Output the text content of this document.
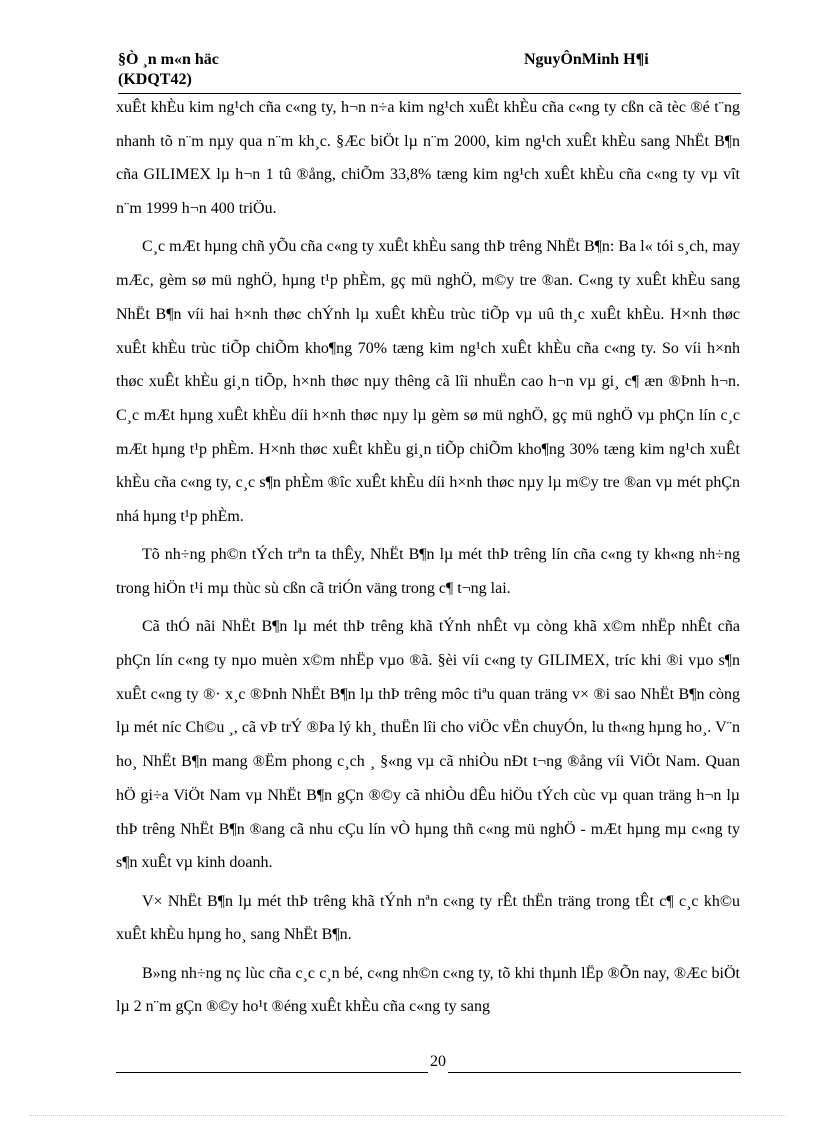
§Ò ¸n m«n häc
(KDQT42)
NguyÔnMinh H¶i

xuÊt khÈu kim ng¹ch cña c«ng ty, h¬n n÷a kim ng¹ch xuÊt khÈu cña c«ng ty cßn cã tèc ®é t¨ng nhanh tõ n¨m nµy qua n¨m kh¸c. §Æc biÖt lµ n¨m 2000, kim ng¹ch xuÊt khÈu sang NhËt B¶n cña GILIMEX lµ h¬n 1 tû ®ång, chiÕm 33,8% tæng kim ng¹ch xuÊt khÈu cña c«ng ty vµ vît n¨m 1999 h¬n 400 triÖu.

C¸c mÆt hµng chñ yÕu cña c«ng ty xuÊt khÈu sang thÞ trêng NhËt B¶n: Ba l« tói s¸ch, may mÆc, gèm sø mü nghÖ, hµng t¹p phÈm, gç mü nghÖ, m©y tre ®an. C«ng ty xuÊt khÈu sang NhËt B¶n víi hai h×nh thøc chÝnh lµ xuÊt khÈu trùc tiÕp vµ uû th¸c xuÊt khÈu. H×nh thøc xuÊt khÈu trùc tiÕp chiÕm kho¶ng 70% tæng kim ng¹ch xuÊt khÈu cña c«ng ty. So víi h×nh thøc xuÊt khÈu gi¸n tiÕp, h×nh thøc nµy thêng cã lîi nhuËn cao h¬n vµ gi¸ c¶ æn ®Þnh h¬n. C¸c mÆt hµng xuÊt khÈu díi h×nh thøc nµy lµ gèm sø mü nghÖ, gç mü nghÖ vµ phÇn lín c¸c mÆt hµng t¹p phÈm. H×nh thøc xuÊt khÈu gi¸n tiÕp chiÕm kho¶ng 30% tæng kim ng¹ch xuÊt khÈu cña c«ng ty, c¸c s¶n phÈm ®îc xuÊt khÈu díi h×nh thøc nµy lµ m©y tre ®an vµ mét phÇn nhá hµng t¹p phÈm.

Tõ nh÷ng ph©n tÝch trªn ta thÊy, NhËt B¶n lµ mét thÞ trêng lín cña c«ng ty kh«ng nh÷ng trong hiÖn t¹i mµ thùc sù cßn cã triÓn väng trong c¶ t¬ng lai.

Cã thÓ nãi NhËt B¶n lµ mét thÞ trêng khã tÝnh nhÊt vµ còng khã x©m nhËp nhÊt cña phÇn lín c«ng ty nµo muèn x©m nhËp vµo ®ã. §èi víi c«ng ty GILIMEX, tríc khi ®i vµo s¶n xuÊt c«ng ty ®· x¸c ®Þnh NhËt B¶n lµ thÞ trêng môc tiªu quan träng v× ®i sao NhËt B¶n còng lµ mét níc Ch©u ¸, cã vÞ trÝ ®Þa lý kh¸ thuËn lîi cho viÖc vËn chuyÓn, lu th«ng hµng ho¸. V¨n ho¸ NhËt B¶n mang ®Ëm phong c¸ch ¸ §«ng vµ cã nhiÒu nÐt t¬ng ®ång víi ViÖt Nam. Quan hÖ gi÷a ViÖt Nam vµ NhËt B¶n gÇn ®©y cã nhiÒu dÊu hiÖu tÝch cùc vµ quan träng h¬n lµ thÞ trêng NhËt B¶n ®ang cã nhu cÇu lín vÒ hµng thñ c«ng mü nghÖ - mÆt hµng mµ c«ng ty s¶n xuÊt vµ kinh doanh.

V× NhËt B¶n lµ mét thÞ trêng khã tÝnh nªn c«ng ty rÊt thËn träng trong tÊt c¶ c¸c kh©u xuÊt khÈu hµng ho¸ sang NhËt B¶n.

B»ng nh÷ng nç lùc cña c¸c c¸n bé, c«ng nh©n c«ng ty, tõ khi thµnh lËp ®Õn nay, ®Æc biÖt lµ 2 n¨m gÇn ®©y ho¹t ®éng xuÊt khÈu cña c«ng ty sang

20
